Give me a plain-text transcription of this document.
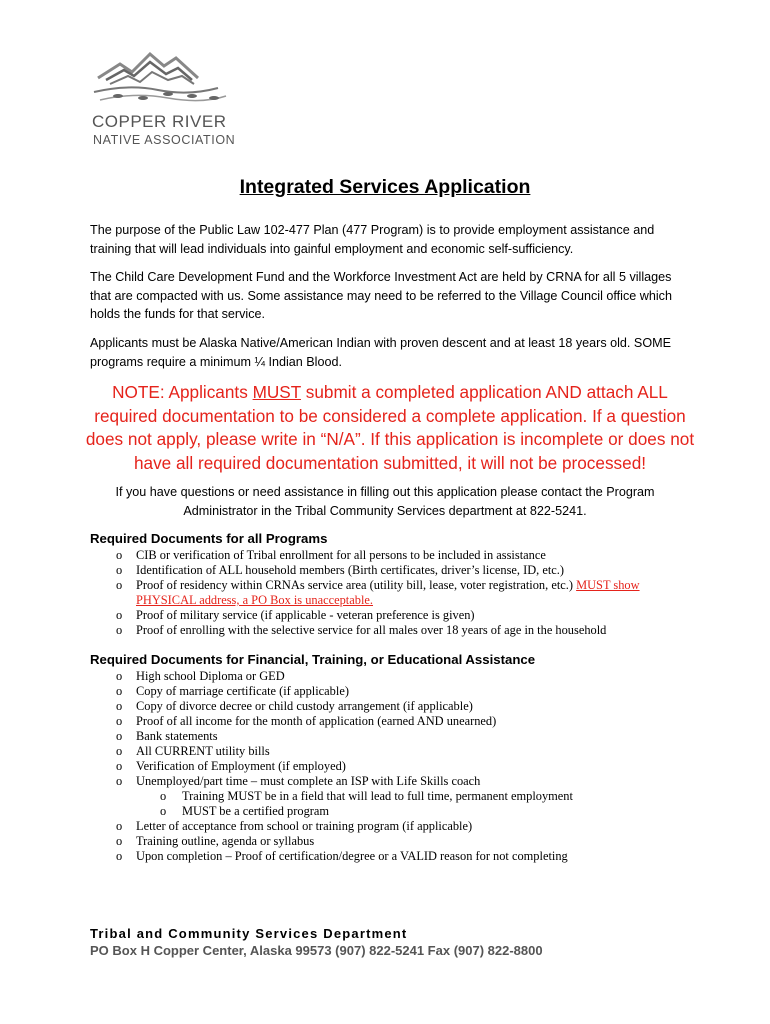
COPPER RIVER
NATIVE ASSOCIATION
Integrated Services Application
The purpose of the Public Law 102-477 Plan (477 Program) is to provide employment assistance and training that will lead individuals into gainful employment and economic self-sufficiency.
The Child Care Development Fund and the Workforce Investment Act are held by CRNA for all 5 villages that are compacted with us. Some assistance may need to be referred to the Village Council office which holds the funds for that service.
Applicants must be Alaska Native/American Indian with proven descent and at least 18 years old. SOME programs require a minimum ¼ Indian Blood.
NOTE: Applicants MUST submit a completed application AND attach ALL required documentation to be considered a complete application. If a question does not apply, please write in “N/A”. If this application is incomplete or does not have all required documentation submitted, it will not be processed!
If you have questions or need assistance in filling out this application please contact the Program Administrator in the Tribal Community Services department at 822-5241.
Required Documents for all Programs
o CIB or verification of Tribal enrollment for all persons to be included in assistance
o Identification of ALL household members (Birth certificates, driver’s license, ID, etc.)
o Proof of residency within CRNAs service area (utility bill, lease, voter registration, etc.) MUST show PHYSICAL address, a PO Box is unacceptable.
o Proof of military service (if applicable - veteran preference is given)
o Proof of enrolling with the selective service for all males over 18 years of age in the household
Required Documents for Financial, Training, or Educational Assistance
o High school Diploma or GED
o Copy of marriage certificate (if applicable)
o Copy of divorce decree or child custody arrangement (if applicable)
o Proof of all income for the month of application (earned AND unearned)
o Bank statements
o All CURRENT utility bills
o Verification of Employment (if employed)
o Unemployed/part time – must complete an ISP with Life Skills coach
o Training MUST be in a field that will lead to full time, permanent employment
o MUST be a certified program
o Letter of acceptance from school or training program (if applicable)
o Training outline, agenda or syllabus
o Upon completion – Proof of certification/degree or a VALID reason for not completing
Tribal and Community Services Department
PO Box H Copper Center, Alaska 99573 (907) 822-5241 Fax (907) 822-8800
